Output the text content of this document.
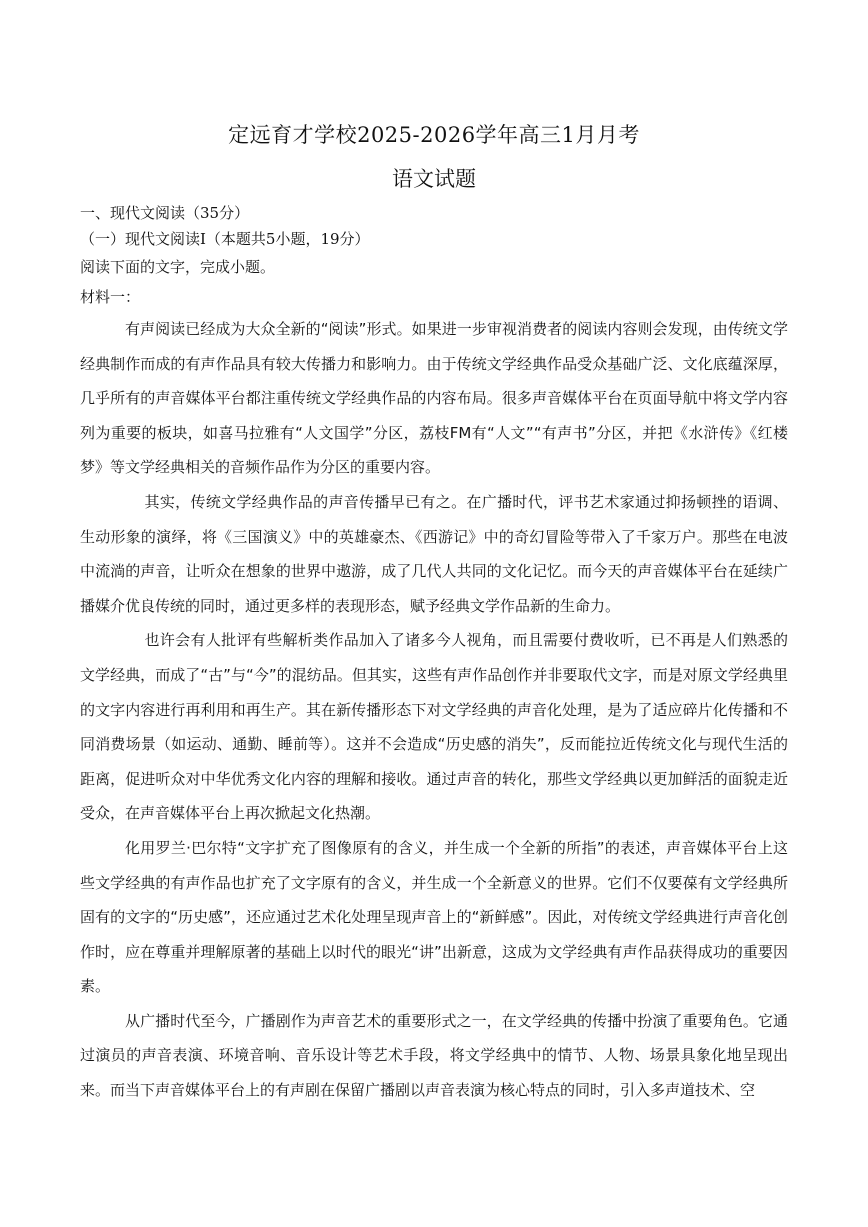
定远育才学校2025-2026学年高三1月月考
语文试题

一、现代文阅读（35分）

（一）现代文阅读Ⅰ（本题共5小题，19分）

阅读下面的文字，完成小题。

材料一：

有声阅读已经成为大众全新的“阅读”形式。如果进一步审视消费者的阅读内容则会发现，由传统文学经典制作而成的有声作品具有较大传播力和影响力。由于传统文学经典作品受众基础广泛、文化底蕴深厚，几乎所有的声音媒体平台都注重传统文学经典作品的内容布局。很多声音媒体平台在页面导航中将文学内容列为重要的板块，如喜马拉雅有“人文国学”分区，荔枝FM有“人文”“有声书”分区，并把《水浒传》《红楼梦》等文学经典相关的音频作品作为分区的重要内容。

其实，传统文学经典作品的声音传播早已有之。在广播时代，评书艺术家通过抑扬顿挫的语调、生动形象的演绎，将《三国演义》中的英雄豪杰、《西游记》中的奇幻冒险等带入了千家万户。那些在电波中流淌的声音，让听众在想象的世界中遨游，成了几代人共同的文化记忆。而今天的声音媒体平台在延续广播媒介优良传统的同时，通过更多样的表现形态，赋予经典文学作品新的生命力。

也许会有人批评有些解析类作品加入了诸多今人视角，而且需要付费收听，已不再是人们熟悉的文学经典，而成了“古”与“今”的混纺品。但其实，这些有声作品创作并非要取代文字，而是对原文学经典里的文字内容进行再利用和再生产。其在新传播形态下对文学经典的声音化处理，是为了适应碎片化传播和不同消费场景（如运动、通勤、睡前等）。这并不会造成“历史感的消失”，反而能拉近传统文化与现代生活的距离，促进听众对中华优秀文化内容的理解和接收。通过声音的转化，那些文学经典以更加鲜活的面貌走近受众，在声音媒体平台上再次掀起文化热潮。

化用罗兰·巴尔特“文字扩充了图像原有的含义，并生成一个全新的所指”的表述，声音媒体平台上这些文学经典的有声作品也扩充了文字原有的含义，并生成一个全新意义的世界。它们不仅要葆有文学经典所固有的文字的“历史感”，还应通过艺术化处理呈现声音上的“新鲜感”。因此，对传统文学经典进行声音化创作时，应在尊重并理解原著的基础上以时代的眼光“讲”出新意，这成为文学经典有声作品获得成功的重要因素。

从广播时代至今，广播剧作为声音艺术的重要形式之一，在文学经典的传播中扮演了重要角色。它通过演员的声音表演、环境音响、音乐设计等艺术手段，将文学经典中的情节、人物、场景具象化地呈现出来。而当下声音媒体平台上的有声剧在保留广播剧以声音表演为核心特点的同时，引入多声道技术、空
